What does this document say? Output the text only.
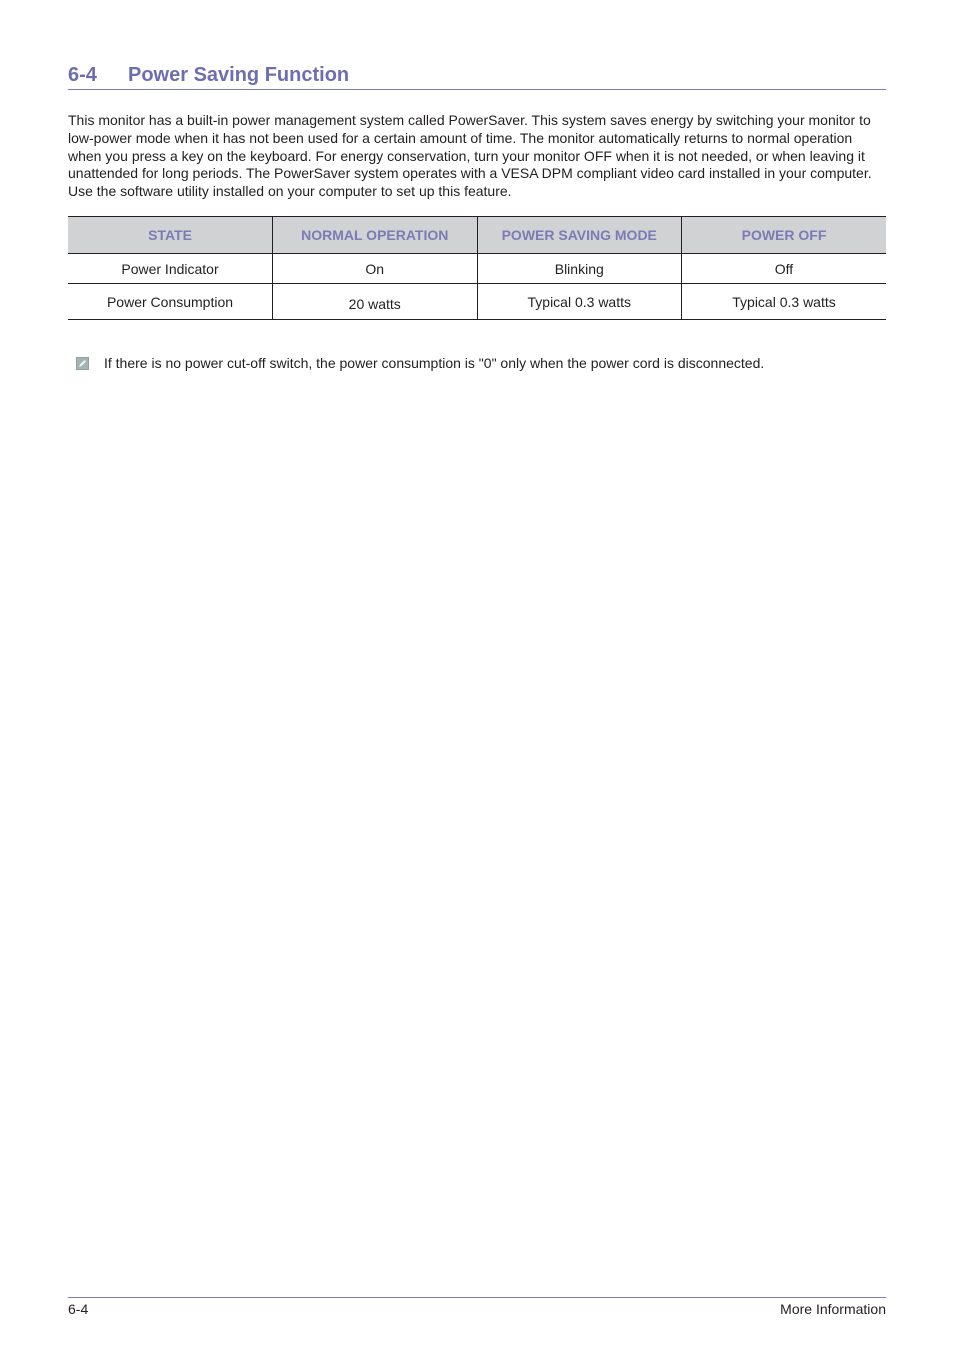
6-4 Power Saving Function

This monitor has a built-in power management system called PowerSaver. This system saves energy by switching your monitor to low-power mode when it has not been used for a certain amount of time. The monitor automatically returns to normal operation when you press a key on the keyboard. For energy conservation, turn your monitor OFF when it is not needed, or when leaving it unattended for long periods. The PowerSaver system operates with a VESA DPM compliant video card installed in your computer. Use the software utility installed on your computer to set up this feature.

STATE	NORMAL OPERATION	POWER SAVING MODE	POWER OFF
Power Indicator	On	Blinking	Off
Power Consumption	20 watts	Typical 0.3 watts	Typical 0.3 watts
If there is no power cut-off switch, the power consumption is "0" only when the power cord is disconnected.
6-4	More Information
